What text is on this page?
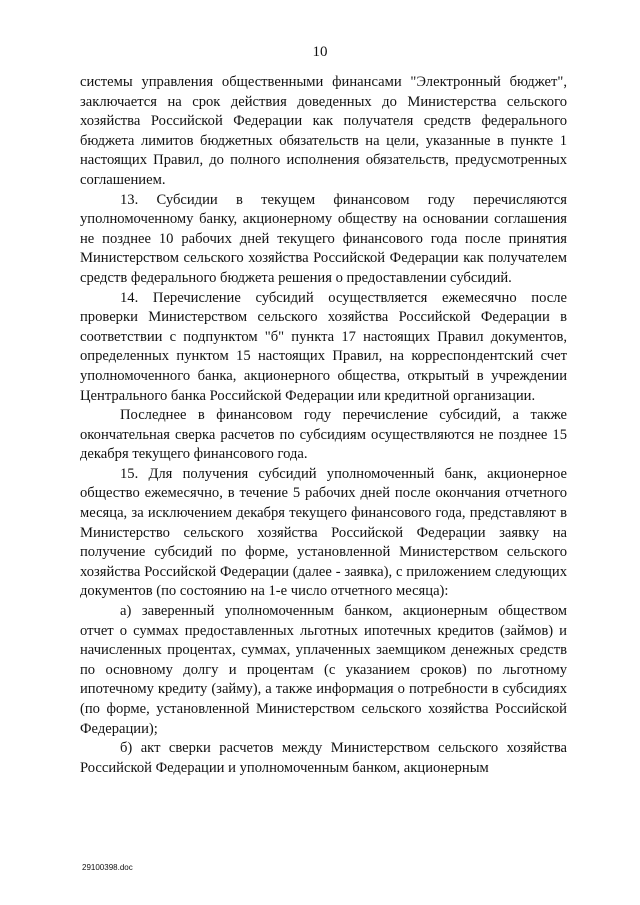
10

системы управления общественными финансами "Электронный бюджет", заключается на срок действия доведенных до Министерства сельского хозяйства Российской Федерации как получателя средств федерального бюджета лимитов бюджетных обязательств на цели, указанные в пункте 1 настоящих Правил, до полного исполнения обязательств, предусмотренных соглашением.

13. Субсидии в текущем финансовом году перечисляются уполномоченному банку, акционерному обществу на основании соглашения не позднее 10 рабочих дней текущего финансового года после принятия Министерством сельского хозяйства Российской Федерации как получателем средств федерального бюджета решения о предоставлении субсидий.

14. Перечисление субсидий осуществляется ежемесячно после проверки Министерством сельского хозяйства Российской Федерации в соответствии с подпунктом "б" пункта 17 настоящих Правил документов, определенных пунктом 15 настоящих Правил, на корреспондентский счет уполномоченного банка, акционерного общества, открытый в учреждении Центрального банка Российской Федерации или кредитной организации.

Последнее в финансовом году перечисление субсидий, а также окончательная сверка расчетов по субсидиям осуществляются не позднее 15 декабря текущего финансового года.

15. Для получения субсидий уполномоченный банк, акционерное общество ежемесячно, в течение 5 рабочих дней после окончания отчетного месяца, за исключением декабря текущего финансового года, представляют в Министерство сельского хозяйства Российской Федерации заявку на получение субсидий по форме, установленной Министерством сельского хозяйства Российской Федерации (далее - заявка), с приложением следующих документов (по состоянию на 1-е число отчетного месяца):

а) заверенный уполномоченным банком, акционерным обществом отчет о суммах предоставленных льготных ипотечных кредитов (займов) и начисленных процентах, суммах, уплаченных заемщиком денежных средств по основному долгу и процентам (с указанием сроков) по льготному ипотечному кредиту (займу), а также информация о потребности в субсидиях (по форме, установленной Министерством сельского хозяйства Российской Федерации);

б) акт сверки расчетов между Министерством сельского хозяйства Российской Федерации и уполномоченным банком, акционерным

29100398.doc
